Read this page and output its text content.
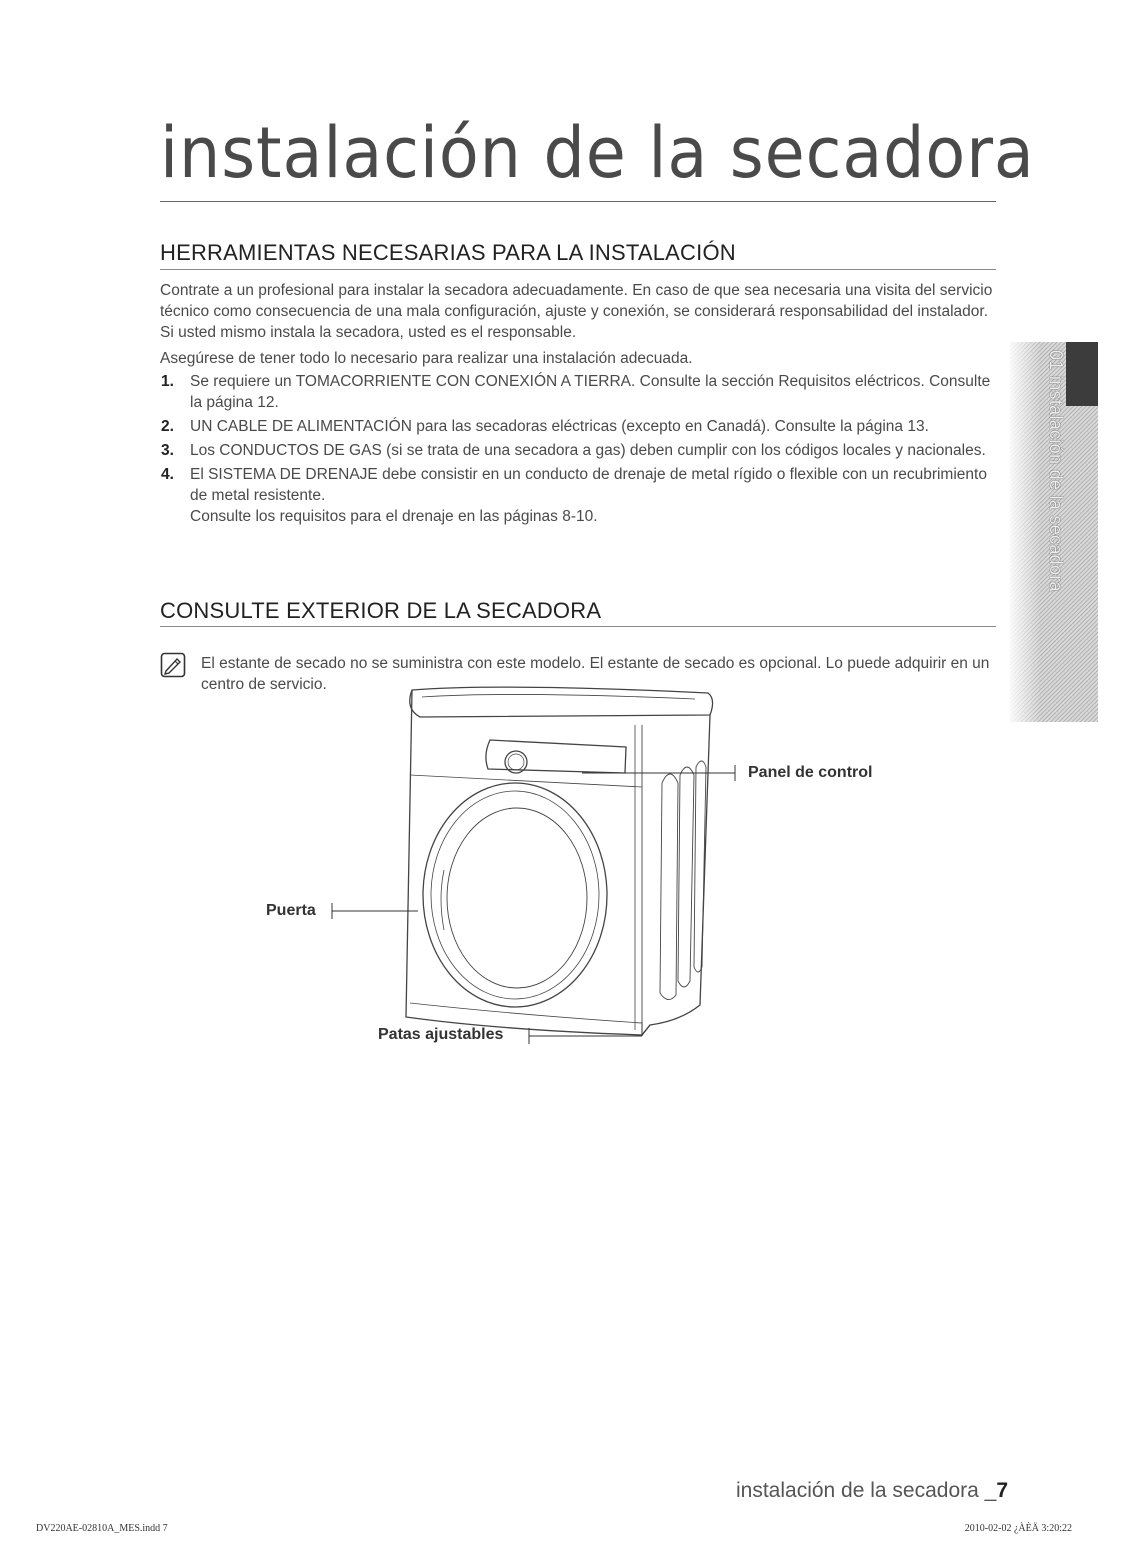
instalación de la secadora
HERRAMIENTAS NECESARIAS PARA LA INSTALACIÓN
Contrate a un profesional para instalar la secadora adecuadamente. En caso de que sea necesaria una visita del servicio técnico como consecuencia de una mala configuración, ajuste y conexión, se considerará responsabilidad del instalador. Si usted mismo instala la secadora, usted es el responsable.
Asegúrese de tener todo lo necesario para realizar una instalación adecuada.
1. Se requiere un TOMACORRIENTE CON CONEXIÓN A TIERRA. Consulte la sección Requisitos eléctricos. Consulte la página 12.
2. UN CABLE DE ALIMENTACIÓN para las secadoras eléctricas (excepto en Canadá). Consulte la página 13.
3. Los CONDUCTOS DE GAS (si se trata de una secadora a gas) deben cumplir con los códigos locales y nacionales.
4. El SISTEMA DE DRENAJE debe consistir en un conducto de drenaje de metal rígido o flexible con un recubrimiento de metal resistente.
Consulte los requisitos para el drenaje en las páginas 8-10.
CONSULTE EXTERIOR DE LA SECADORA
El estante de secado no se suministra con este modelo. El estante de secado es opcional. Lo puede adquirir en un centro de servicio.
Panel de control
Puerta
Patas ajustables
01 instalación de la secadora
instalación de la secadora _7
DV220AE-02810A_MES.indd 7	2010-02-02 ¿ÀÈÄ 3:20:22
